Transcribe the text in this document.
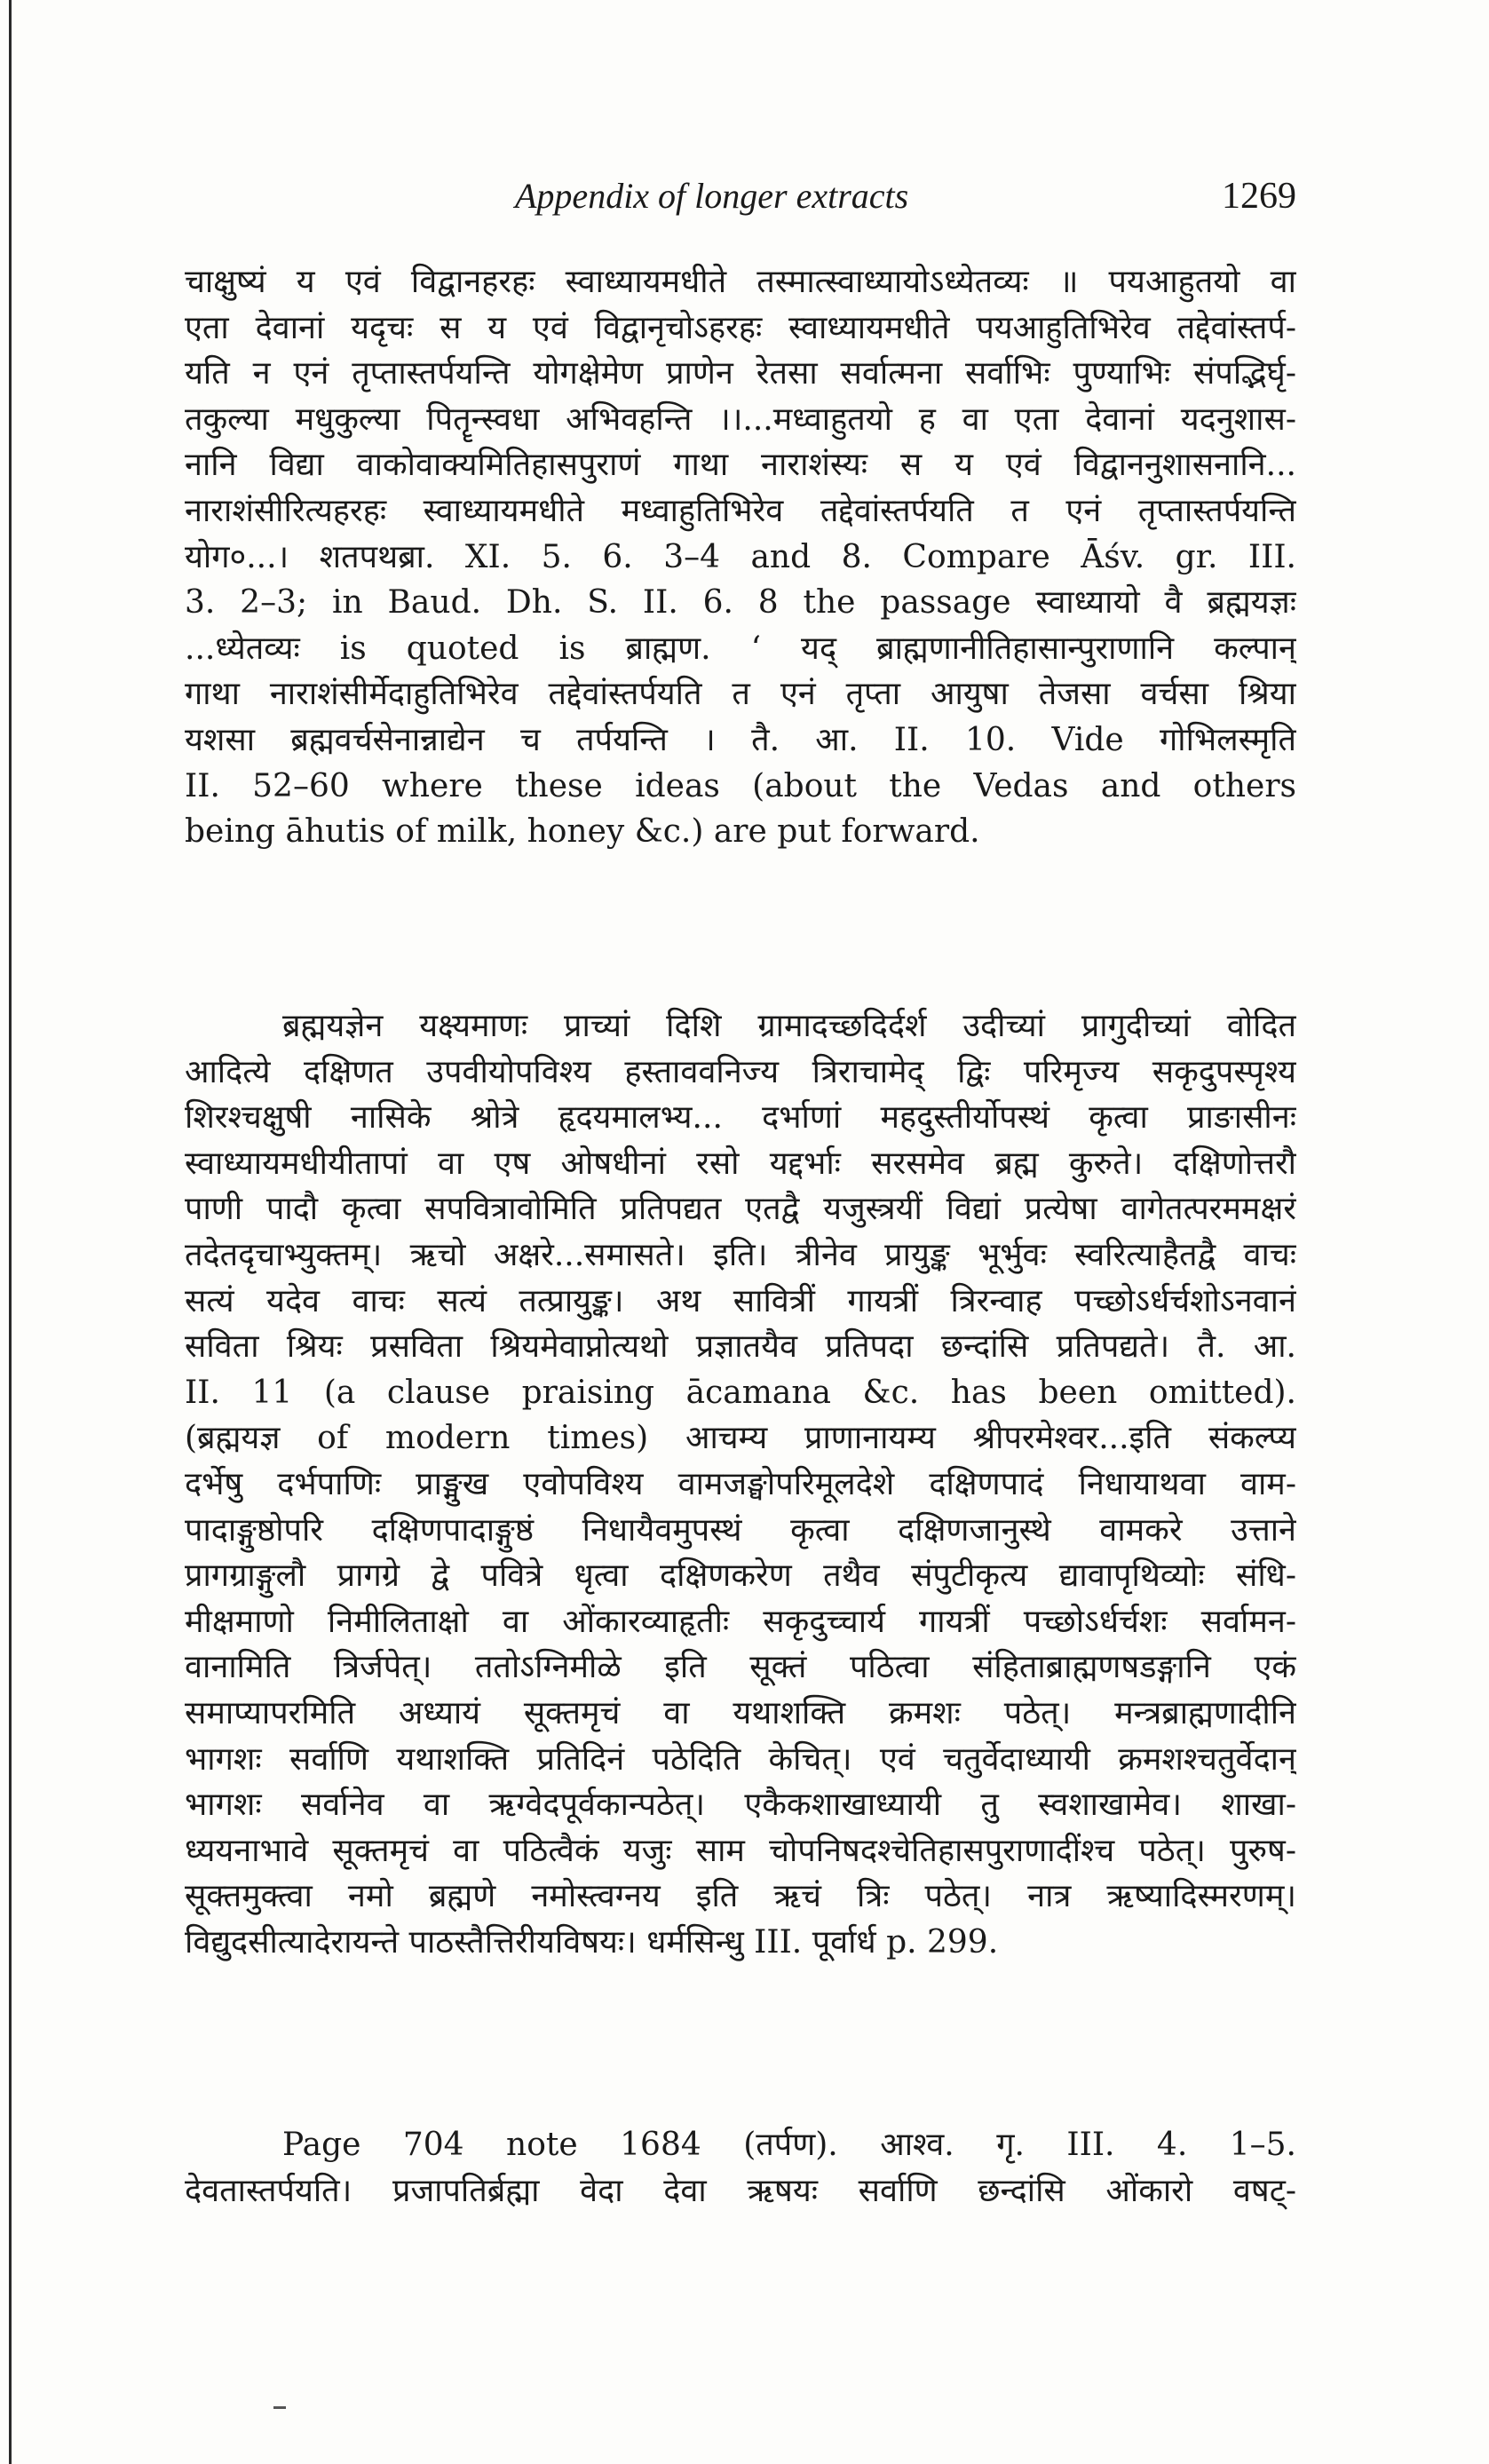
Appendix of longer extracts	1269
चाक्षुष्यं य एवं विद्वानहरहः स्वाध्यायमधीते तस्मात्स्वाध्यायोऽध्येतव्यः ॥ पयआहुतयो वा
एता देवानां यदृचः स य एवं विद्वानृचोऽहरहः स्वाध्यायमधीते पयआहुतिभिरेव तद्देवांस्तर्प-
यति न एनं तृप्तास्तर्पयन्ति योगक्षेमेण प्राणेन रेतसा सर्वात्मना सर्वाभिः पुण्याभिः संपद्भिर्घृ-
तकुल्या मधुकुल्या पितॄन्स्वधा अभिवहन्ति ।।...मध्वाहुतयो ह वा एता देवानां यदनुशास-
नानि विद्या वाकोवाक्यमितिहासपुराणं गाथा नाराशंस्यः स य एवं विद्वाननुशासनानि...
नाराशंसीरित्यहरहः स्वाध्यायमधीते मध्वाहुतिभिरेव तद्देवांस्तर्पयति त एनं तृप्तास्तर्पयन्ति
योग०...। शतपथब्रा. XI. 5. 6. 3–4 and 8. Compare Āśv. gr. III.
3. 2–3; in Baud. Dh. S. II. 6. 8 the passage स्वाध्यायो वै ब्रह्मयज्ञः
...ध्येतव्यः is quoted is ब्राह्मण. ‘ यद् ब्राह्मणानीतिहासान्पुराणानि कल्पान्
गाथा नाराशंसीर्मेदाहुतिभिरेव तद्देवांस्तर्पयति त एनं तृप्ता आयुषा तेजसा वर्चसा श्रिया
यशसा ब्रह्मवर्चसेनान्नाद्येन च तर्पयन्ति । तै. आ. II. 10. Vide गोभिलस्मृति
II. 52–60 where these ideas (about the Vedas and others
being āhutis of milk, honey &c.) are put forward.
ब्रह्मयज्ञेन यक्ष्यमाणः प्राच्यां दिशि ग्रामादच्छदिर्दर्श उदीच्यां प्रागुदीच्यां वोदित
आदित्ये दक्षिणत उपवीयोपविश्य हस्ताववनिज्य त्रिराचामेद् द्विः परिमृज्य सकृदुपस्पृश्य
शिरश्चक्षुषी नासिके श्रोत्रे हृदयमालभ्य... दर्भाणां महदुस्तीर्योपस्थं कृत्वा प्राङासीनः
स्वाध्यायमधीयीतापां वा एष ओषधीनां रसो यद्दर्भाः सरसमेव ब्रह्म कुरुते। दक्षिणोत्तरौ
पाणी पादौ कृत्वा सपवित्रावोमिति प्रतिपद्यत एतद्वै यजुस्त्रयीं विद्यां प्रत्येषा वागेतत्परममक्षरं
तदेतदृचाभ्युक्तम्। ऋचो अक्षरे...समासते। इति। त्रीनेव प्रायुङ्क भूर्भुवः स्वरित्याहैतद्वै वाचः
सत्यं यदेव वाचः सत्यं तत्प्रायुङ्क। अथ सावित्रीं गायत्रीं त्रिरन्वाह पच्छोऽर्धर्चशोऽनवानं
सविता श्रियः प्रसविता श्रियमेवाप्नोत्यथो प्रज्ञातयैव प्रतिपदा छन्दांसि प्रतिपद्यते। तै. आ.
II. 11 (a clause praising ācamana &c. has been omitted).
(ब्रह्मयज्ञ of modern times) आचम्य प्राणानायम्य श्रीपरमेश्वर...इति संकल्प्य
दर्भेषु दर्भपाणिः प्राङ्मुख एवोपविश्य वामजङ्घोपरिमूलदेशे दक्षिणपादं निधायाथवा वाम-
पादाङ्गुष्ठोपरि दक्षिणपादाङ्गुष्ठं निधायैवमुपस्थं कृत्वा दक्षिणजानुस्थे वामकरे उत्ताने
प्रागग्राङ्गुलौ प्रागग्रे द्वे पवित्रे धृत्वा दक्षिणकरेण तथैव संपुटीकृत्य द्यावापृथिव्योः संधि-
मीक्षमाणो निमीलिताक्षो वा ओंकारव्याहृतीः सकृदुच्चार्य गायत्रीं पच्छोऽर्धर्चशः सर्वामन-
वानामिति त्रिर्जपेत्। ततोऽग्निमीळे इति सूक्तं पठित्वा संहिताब्राह्मणषडङ्गानि एकं
समाप्यापरमिति अध्यायं सूक्तमृचं वा यथाशक्ति क्रमशः पठेत्। मन्त्रब्राह्मणादीनि
भागशः सर्वाणि यथाशक्ति प्रतिदिनं पठेदिति केचित्। एवं चतुर्वेदाध्यायी क्रमशश्चतुर्वेदान्
भागशः सर्वानेव वा ऋग्वेदपूर्वकान्पठेत्। एकैकशाखाध्यायी तु स्वशाखामेव। शाखा-
ध्ययनाभावे सूक्तमृचं वा पठित्वैकं यजुः साम चोपनिषदश्चेतिहासपुराणादींश्च पठेत्। पुरुष-
सूक्तमुक्त्वा नमो ब्रह्मणे नमोस्त्वग्नय इति ऋचं त्रिः पठेत्। नात्र ऋष्यादिस्मरणम्।
विद्युदसीत्यादेरायन्ते पाठस्तैत्तिरीयविषयः। धर्मसिन्धु III. पूर्वार्ध p. 299.
Page 704 note 1684 (तर्पण). आश्व. गृ. III. 4. 1–5.
देवतास्तर्पयति। प्रजापतिर्ब्रह्मा वेदा देवा ऋषयः सर्वाणि छन्दांसि ओंकारो वषट्-
